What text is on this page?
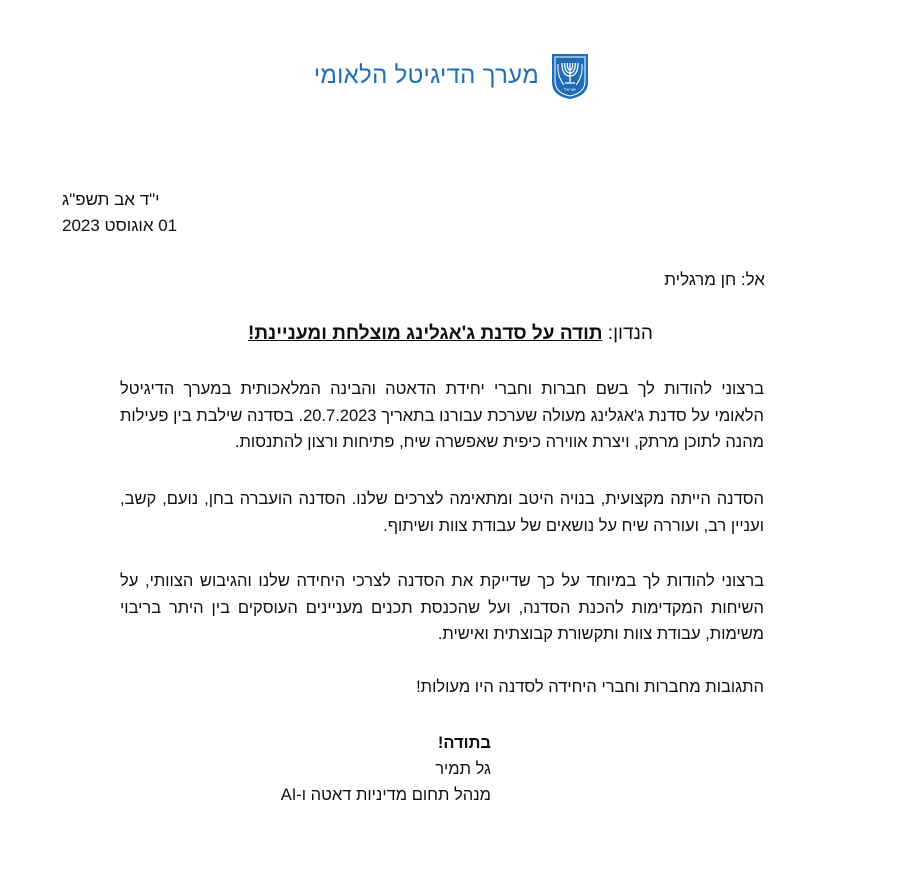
ישראל
מערך הדיגיטל הלאומי
י"ד אב תשפ"ג
01 אוגוסט 2023
אל: חן מרגלית
הנדון: תודה על סדנת ג'אגלינג מוצלחת ומעניינת!
ברצוני להודות לך בשם חברות וחברי יחידת הדאטה והבינה המלאכותית במערך הדיגיטל הלאומי על סדנת ג'אגלינג מעולה שערכת עבורנו בתאריך 20.7.2023. בסדנה שילבת בין פעילות מהנה לתוכן מרתק, ויצרת אווירה כיפית שאפשרה שיח, פתיחות ורצון להתנסות.
הסדנה הייתה מקצועית, בנויה היטב ומתאימה לצרכים שלנו. הסדנה הועברה בחן, נועם, קשב, ועניין רב, ועוררה שיח על נושאים של עבודת צוות ושיתוף.
ברצוני להודות לך במיוחד על כך שדייקת את הסדנה לצרכי היחידה שלנו והגיבוש הצוותי, על השיחות המקדימות להכנת הסדנה, ועל שהכנסת תכנים מעניינים העוסקים בין היתר בריבוי משימות, עבודת צוות ותקשורת קבוצתית ואישית.
התגובות מחברות וחברי היחידה לסדנה היו מעולות!
בתודה!
גל תמיר
מנהל תחום מדיניות דאטה ו-AI
